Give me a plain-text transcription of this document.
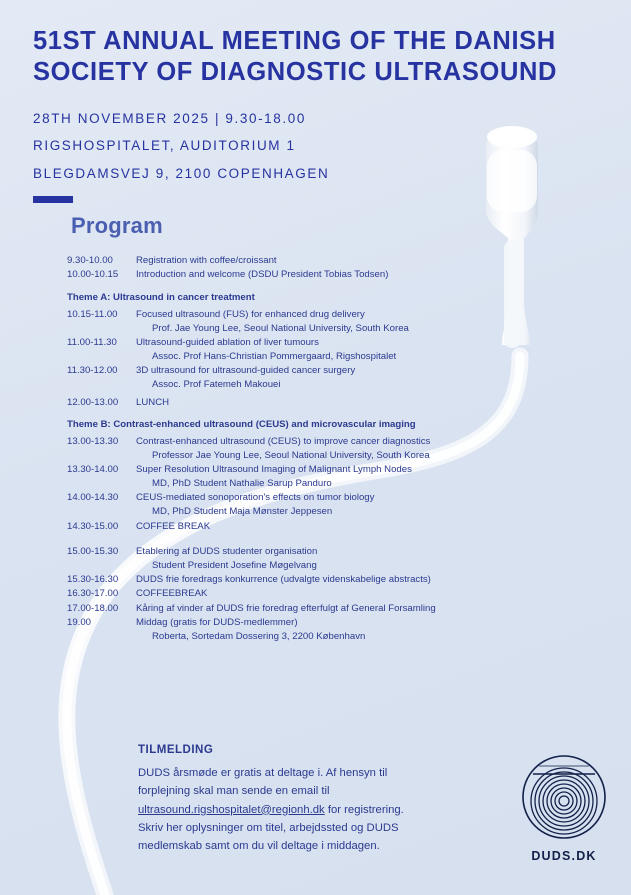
51ST ANNUAL MEETING OF THE DANISH
SOCIETY OF DIAGNOSTIC ULTRASOUND
28TH NOVEMBER 2025 | 9.30-18.00
RIGSHOSPITALET, AUDITORIUM 1
BLEGDAMSVEJ 9, 2100 COPENHAGEN
Program
9.30-10.00	Registration with coffee/croissant
10.00-10.15	Introduction and welcome (DSDU President Tobias Todsen)
Theme A: Ultrasound in cancer treatment
10.15-11.00	Focused ultrasound (FUS) for enhanced drug delivery
Prof. Jae Young Lee, Seoul National University, South Korea
11.00-11.30	Ultrasound-guided ablation of liver tumours
Assoc. Prof Hans-Christian Pommergaard, Rigshospitalet
11.30-12.00	3D ultrasound for ultrasound-guided cancer surgery
Assoc. Prof Fatemeh Makouei
12.00-13.00	LUNCH
Theme B: Contrast-enhanced ultrasound (CEUS) and microvascular imaging
13.00-13.30	Contrast-enhanced ultrasound (CEUS) to improve cancer diagnostics
Professor Jae Young Lee, Seoul National University, South Korea
13.30-14.00	Super Resolution Ultrasound Imaging of Malignant Lymph Nodes
MD, PhD Student Nathalie Sarup Panduro
14.00-14.30	CEUS-mediated sonoporation's effects on tumor biology
MD, PhD Student Maja Mønster Jeppesen
14.30-15.00	COFFEE BREAK
15.00-15.30	Etablering af DUDS studenter organisation
Student President Josefine Møgelvang
15.30-16.30	DUDS frie foredrags konkurrence (udvalgte videnskabelige abstracts)
16.30-17.00	COFFEEBREAK
17.00-18.00	Kåring af vinder af DUDS frie foredrag efterfulgt af General Forsamling
19.00	Middag (gratis for DUDS-medlemmer)
Roberta, Sortedam Dossering 3, 2200 København
TILMELDING

DUDS årsmøde er gratis at deltage i. Af hensyn til
forplejning skal man sende en email til ultrasound.rigshospitalet@regionh.dk for registrering.
Skriv her oplysninger om titel, arbejdssted og DUDS
medlemskab samt om du vil deltage i middagen.

DUDS.DK
